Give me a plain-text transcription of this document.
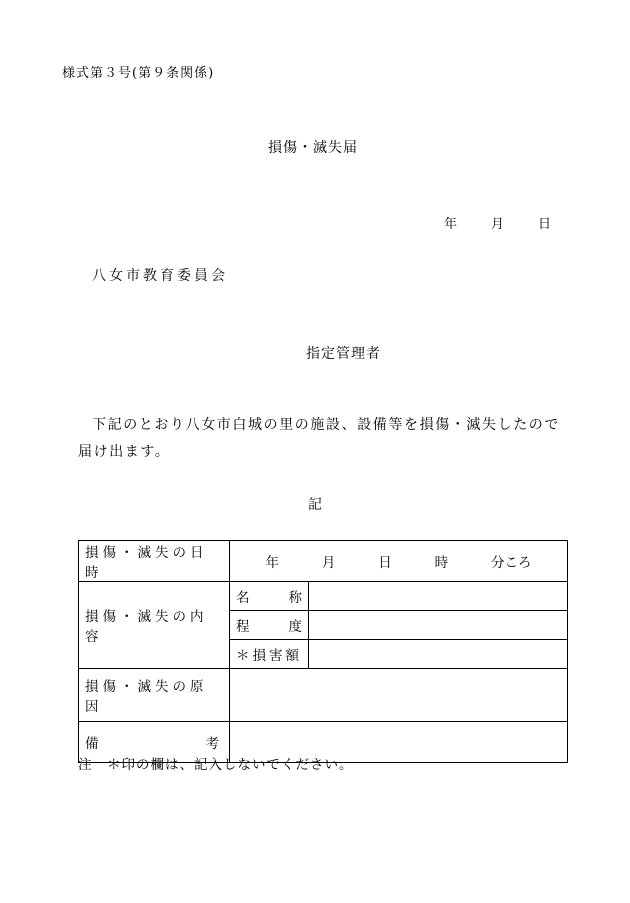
様式第３号(第９条関係)
損傷・滅失届
年	月	日
八女市教育委員会
指定管理者
下記のとおり八女市白城の里の施設、設備等を損傷・滅失したので届け出ます。
記
損傷・滅失の日時	年 月 日 時 分ころ	

損傷・滅失の内容	名 称	

	程 度	

	＊損害額	
損傷・滅失の原因		

備 考		

注　＊印の欄は、記入しないでください。
